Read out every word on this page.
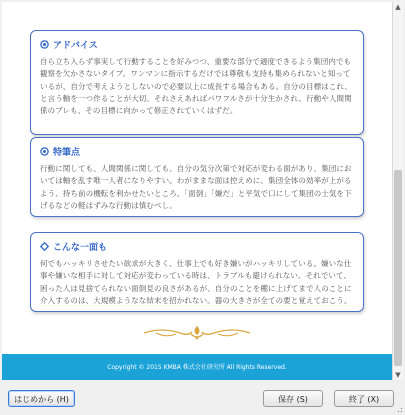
アドバイス
自ら立ち入らず事実して行動することを好みつつ、重要な部分で適度できるよう集団内でも観察を欠かさないタイプ。ワンマンに指示するだけでは尊敬も支持も集められないと知っているが、自分で考えようとしないので必要以上に成長する場合もある。自分の目標はこれ、と言う軸を一つ作ることが大切。それさえあればパワフルさが十分生かされ、行動や人間関係のブレも、その目標に向かって修正されていくはずだ。
特筆点
行動に関しても、人間関係に関しても、自分の気分次第で対応が変わる面があり、集団においては軸を乱す唯一人者になりやすい。わがままな面は控えめに、集団全体の効率が上がるよう、持ち前の機転を利かせたいところ。「面倒」「嫌だ」と平気で口にして集団の士気を下げるなどの軽はずみな行動は慎むべし。
こんな一面も
何でもハッキリさせたい欲求が大きく、仕事上でも好き嫌いがハッキリしている。嫌いな仕事や嫌いな相手に対して対応が変わっている時は、トラブルも避けられない。それでいて、困った人は見捨てられない面倒見の良さがあるが、自分のことを棚に上げてまで人のことに介入するのは、大規模ようなな結末を招かれない。器の大きさが全ての要と覚えておこう。
Copyright © 2015 KMBA 株式会社研究所 All Rights Reserved.
▲
▼
はじめから (H)	保存 (S)	終了 (X)
